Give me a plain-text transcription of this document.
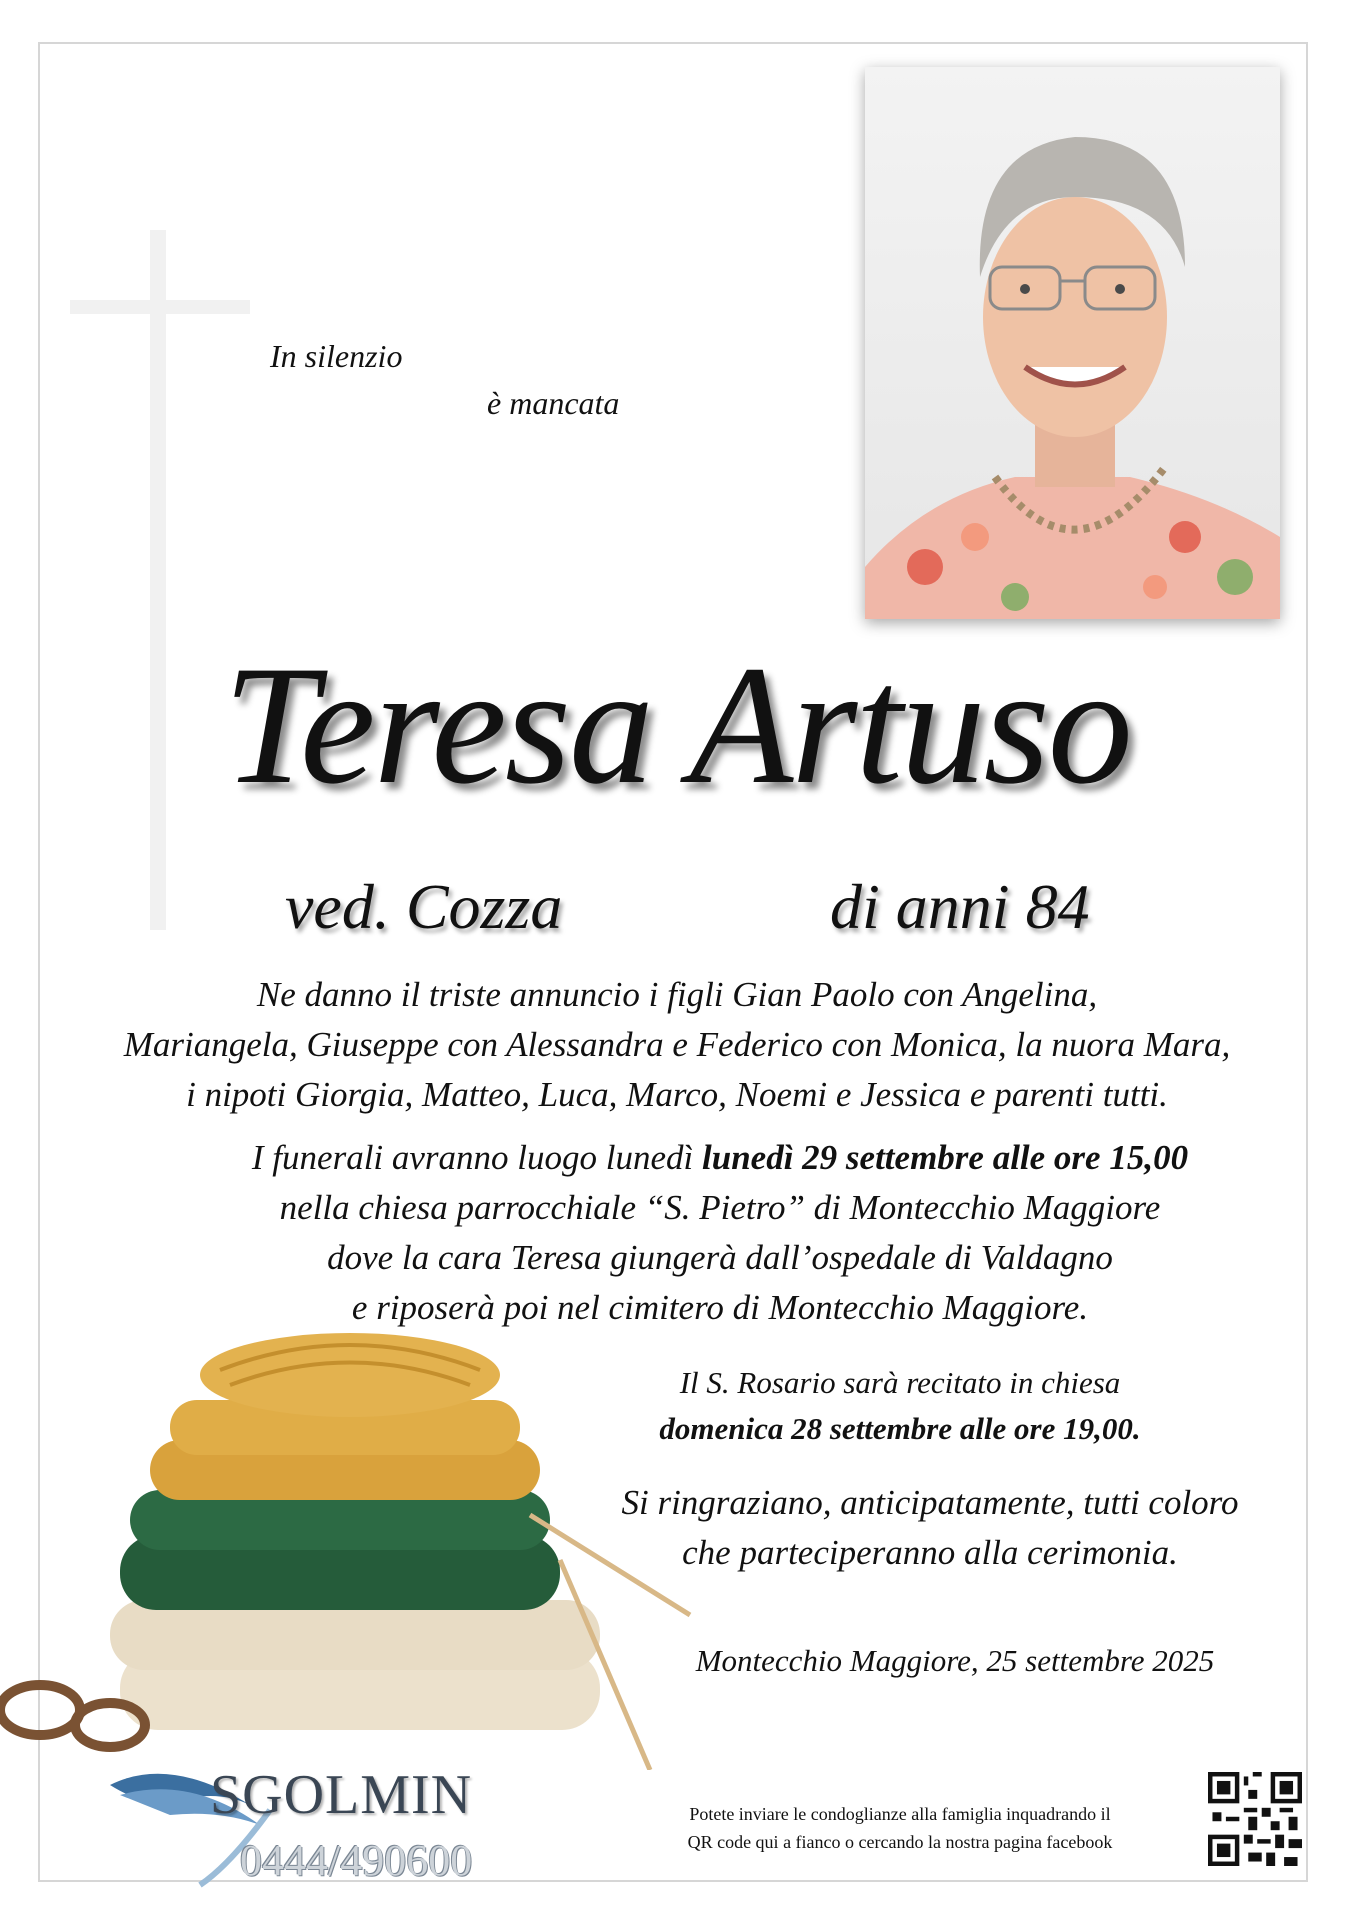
In silenzio
è mancata
Teresa Artuso
ved. Cozza	di anni 84
Ne danno il triste annuncio i figli Gian Paolo con Angelina,
Mariangela, Giuseppe con Alessandra e Federico con Monica, la nuora Mara,
i nipoti Giorgia, Matteo, Luca, Marco, Noemi e Jessica e parenti tutti.
I funerali avranno luogo lunedì lunedì 29 settembre alle ore 15,00
nella chiesa parrocchiale “S. Pietro” di Montecchio Maggiore
dove la cara Teresa giungerà dall’ospedale di Valdagno
e riposerà poi nel cimitero di Montecchio Maggiore.
Il S. Rosario sarà recitato in chiesa
domenica 28 settembre alle ore 19,00.
Si ringraziano, anticipatamente, tutti coloro
che parteciperanno alla cerimonia.
Montecchio Maggiore, 25 settembre 2025
SGOLMIN
0444/490600
Potete inviare le condoglianze alla famiglia inquadrando il
QR code qui a fianco o cercando la nostra pagina facebook
